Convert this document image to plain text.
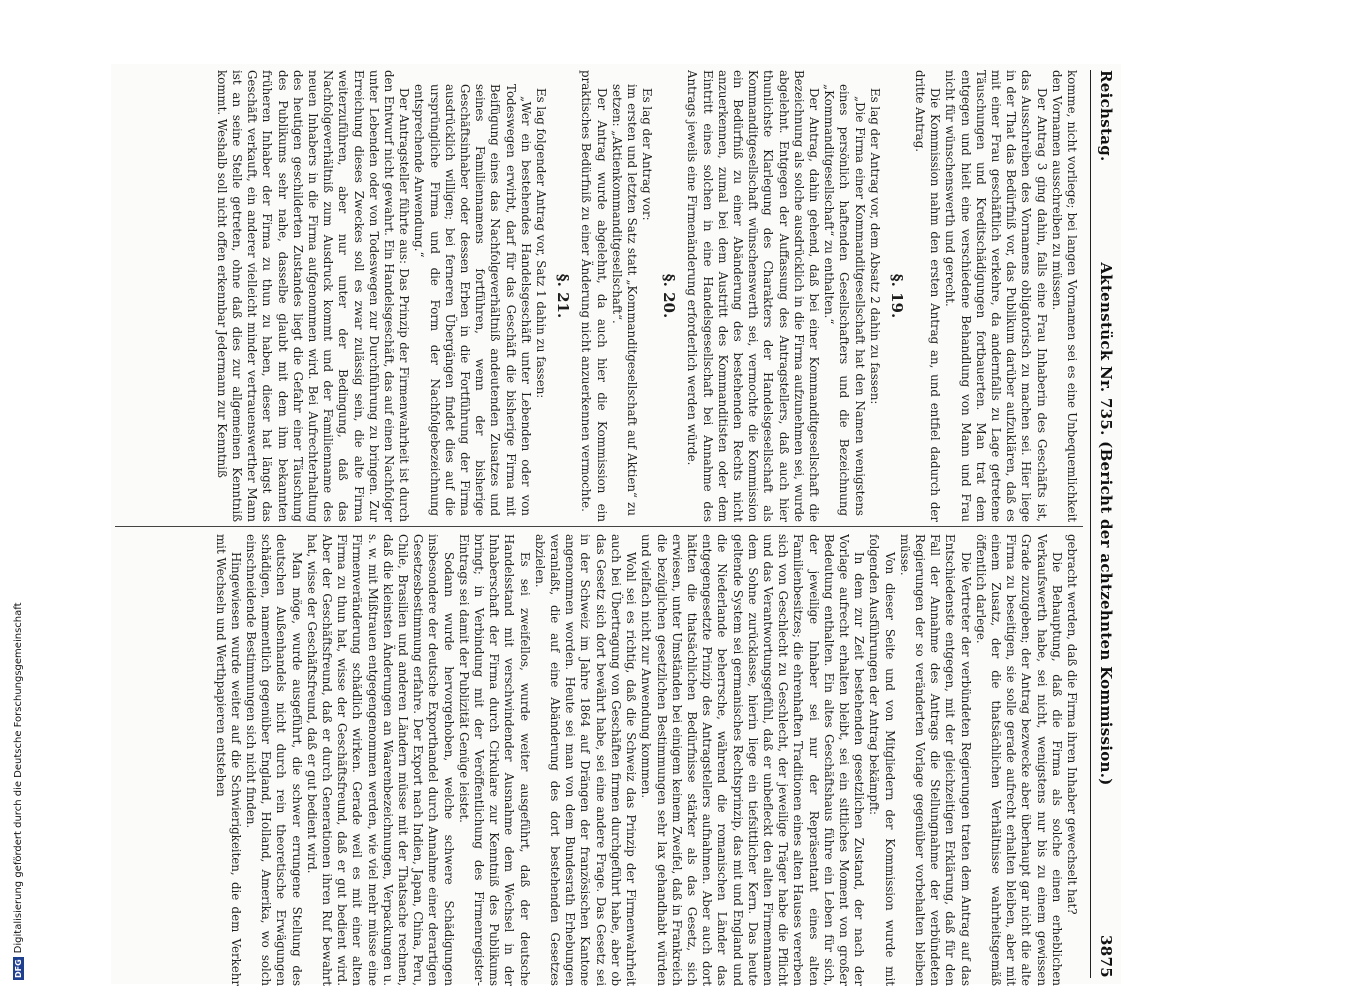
Reichstag.
Aktenstück Nr. 735. (Bericht der achtzehnten Kommission.)
3875

komme, nicht vorliege; bei langen Vornamen sei es eine Unbequemlichkeit den Vornamen ausschreiben zu müssen.

Der Antrag 3 ging dahin, falls eine Frau Inhaberin des Geschäfts ist, das Ausschreiben des Vornamens obligatorisch zu machen sei. Hier liege in der That das Bedürfniß vor, das Publikum darüber aufzuklären, daß es mit einer Frau geschäftlich verkehre, da andernfalls zu Lage getretene Täuschungen und Kreditschädigungen fortbauerten. Man trat dem entgegen und hielt eine verschiedene Behandlung von Mann und Frau nicht für wünschenswerth und gerecht.

Die Kommission nahm den ersten Antrag an, und entfiel dadurch der dritte Antrag.

§. 19.

Es lag der Antrag vor, dem Absatz 2 dahin zu fassen:

„Die Firma einer Kommanditgesellschaft hat den Namen wenigstens eines persönlich haftenden Gesellschafters und die Bezeichnung „Kommanditgesellschaft“ zu enthalten.“

Der Antrag, dahin gehend, daß bei einer Kommanditgesellschaft die Bezeichnung als solche ausdrücklich in die Firma aufzunehmen sei, wurde abgelehnt. Entgegen der Auffassung des Antragstellers, daß auch hier thunlichste Klarlegung des Charakters der Handelsgesellschaft als Kommanditgesellschaft wünschenswerth sei, vermochte die Kommission ein Bedürfniß zu einer Abänderung des bestehenden Rechts nicht anzuerkennen, zumal bei dem Austritt des Kommanditisten oder dem Eintritt eines solchen in eine Handelsgesellschaft bei Annahme des Antrags jeweils eine Firmenänderung erforderlich werden würde.

§. 20.

Es lag der Antrag vor:

im ersten und letzten Satz statt „Kommanditgesellschaft auf Aktien“ zu setzen: „Aktienkommanditgesellschaft“.

Der Antrag wurde abgelehnt, da auch hier die Kommission ein praktisches Bedürfniß zu einer Änderung nicht anzuerkennen vermochte.

§. 21.

Es lag folgender Antrag vor, Satz 1 dahin zu fassen:

„Wer ein bestehendes Handelsgeschäft unter Lebenden oder von Todeswegen erwirbt, darf für das Geschäft die bisherige Firma mit Beifügung eines das Nachfolgeverhältniß andeutenden Zusatzes und seines Familiennamens fortführen, wenn der bisherige Geschäftsinhaber oder dessen Erben in die Fortführung der Firma ausdrücklich willigen; bei ferneren Übergängen findet dies auf die ursprüngliche Firma und die Form der Nachfolgebezeichnung entsprechende Anwendung.“

Der Antragsteller führte aus: Das Prinzip der Firmenwahrheit ist durch den Entwurf nicht gewahrt. Ein Handelsgeschäft, das auf einen Nachfolger unter Lebenden oder von Todeswegen zur Durchführung zu bringen. Zur Erreichung dieses Zweckes soll es zwar zulässig sein, die alte Firma weiterzuführen, aber nur unter der Bedingung, daß das Nachfolgeverhältniß zum Ausdruck kommt und der Familienname des neuen Inhabers in die Firma aufgenommen wird. Bei Aufrechterhaltung des heutigen geschilderten Zustandes liegt die Gefahr einer Täuschung des Publikums sehr nahe, dasselbe glaubt mit dem ihm bekannten früheren Inhaber der Firma zu thun zu haben, dieser hat längst das Geschäft verkauft, ein anderer vielleicht minder vertrauenswerther Mann ist an seine Stelle getreten, ohne daß dies zur allgemeinen Kenntniß kommt. Weshalb soll nicht offen erkennbar Jedermann zur Kenntniß

gebracht werden, daß die Firma ihren Inhaber gewechselt hat?

Die Behauptung, daß die Firma als solche einen erheblichen Verkaufswerth habe, sei nicht, wenigstens nur bis zu einem gewissen Grade zuzugeben; der Antrag bezwecke aber überhaupt gar nicht die alte Firma zu beseitigen, sie solle gerade aufrecht erhalten bleiben, aber mit einem Zusatz, der die thatsächlichen Verhältnisse wahrheitsgemäß öffentlich darlege.

Die Vertreter der verbündeten Regierungen traten dem Antrag auf das Entschiedenste entgegen, mit der gleichzeitigen Erklärung, daß für den Fall der Annahme des Antrags die Stellungnahme der verbündeten Regierungen der so veränderten Vorlage gegenüber vorbehalten bleiben müsse.

Von dieser Seite und von Mitgliedern der Kommission wurde mit folgenden Ausführungen der Antrag bekämpft:

In dem zur Zeit bestehenden gesetzlichen Zustand, der nach der Vorlage aufrecht erhalten bleibt, sei ein sittliches Moment von großer Bedeutung enthalten. Ein altes Geschäftshaus führe ein Leben für sich, der jeweilige Inhaber sei nur der Repräsentant eines alten Familienbesitzes; die ehrenhaften Traditionen eines alten Hauses vererben sich von Geschlecht zu Geschlecht, der jeweilige Träger habe die Pflicht und das Verantwortungsgefühl, daß er unbefleckt den alten Firmennamen dem Sohne zurücklasse, hierin liege ein tiefsittlicher Kern. Das heute geltende System sei germanisches Rechtsprinzip, das mit und England und die Niederlande beherrsche, während die romanischen Länder das entgegengesetzte Prinzip des Antragstellers aufnahmen. Aber auch dort hätten die thatsächlichen Bedürfnisse stärker als das Gesetz, sich erwiesen, unter Umständen bei einigem keinem Zweifel, daß in Frankreich die bezüglichen gesetzlichen Bestimmungen sehr lax gehandhabt würden und vielfach nicht zur Anwendung kommen.

Wohl sei es richtig, daß die Schweiz das Prinzip der Firmenwahrheit auch bei Übertragung von Geschäften firmen durchgeführt habe, aber ob das Gesetz sich dort bewährt habe, sei eine andere Frage. Das Gesetz sei in der Schweiz im Jahre 1864 auf Drängen der französischen Kantone angenommen worden. Heute sei man von dem Bundesrath Erhebungen veranlaßt, die auf eine Abänderung des dort bestehenden Gesetzes abzielen.

Es sei zweifellos, wurde weiter ausgeführt, daß der deutsche Handelsstand mit verschwindender Ausnahme dem Wechsel in der Inhaberschaft der Firma durch Cirkulare zur Kenntniß des Publikums bringt; in Verbindung mit der Veröffentlichung des Firmenregister-Eintrags sei damit der Publizität Genüge leistet.

Sodann wurde hervorgehoben, welche schwere Schädigungen insbesondere der deutsche Exporthandel durch Annahme einer derartigen Gesetzesbestimmung erfahre. Der Export nach Indien, Japan, China, Peru, Chile, Brasilien und anderen Ländern müsse mit der Thatsache rechnen, daß die kleinsten Änderungen an Waarenbezeichnungen, Verpackungen u. s. w. mit Mißtrauen entgegengenommen werden, wie viel mehr müsse eine Firmenveränderung schädlich wirken. Gerade weil es mit einer alten Firma zu thun hat, wisse der Geschäftsfreund, daß er gut bedient wird. Aber der Geschäftsfreund, daß er durch Generationen ihren Ruf bewahrt hat, wisse der Geschäftsfreund, daß er gut bedient wird.

Man möge, wurde ausgeführt, die schwer errungene Stellung des deutschen Außenhandels nicht durch rein theoretische Erwägungen schädigen, namentlich gegenüber England, Holland, Amerika, wo solch einschneidende Bestimmungen sich nicht finden.

Hingewiesen wurde weiter auf die Schwierigkeiten, die dem Verkehr mit Wechseln und Werthpapieren entstehen

DFGDigitalisierung gefördert durch die Deutsche Forschungsgemeinschaft
